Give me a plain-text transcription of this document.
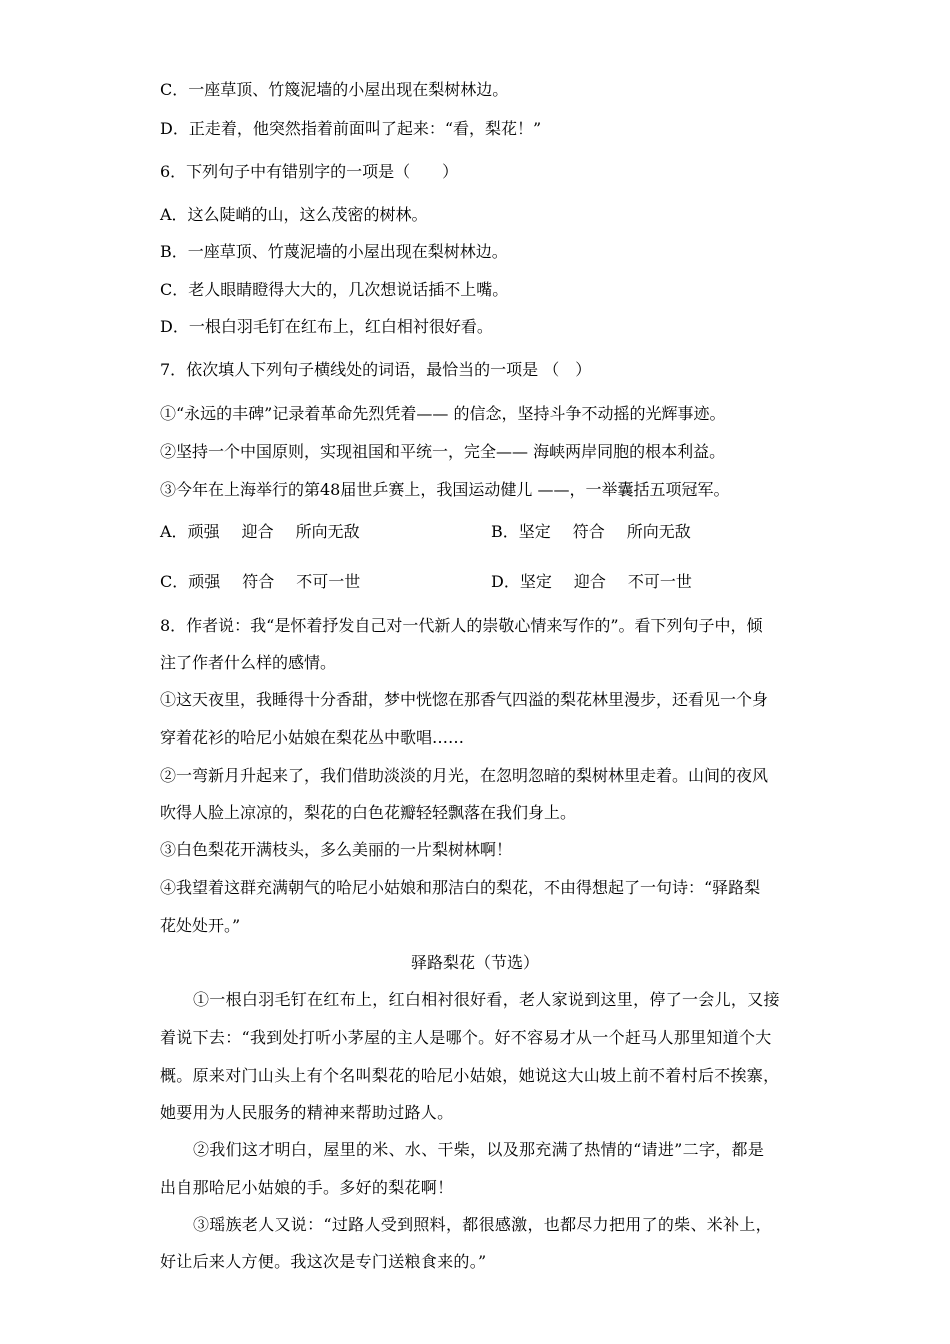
C．一座草顶、竹篾泥墙的小屋出现在梨树林边。
D．正走着，他突然指着前面叫了起来：“看，梨花！”
6．下列句子中有错别字的一项是（　　）
A．这么陡峭的山，这么茂密的树林。
B．一座草顶、竹蔑泥墙的小屋出现在梨树林边。
C．老人眼睛瞪得大大的，几次想说话插不上嘴。
D．一根白羽毛钉在红布上，红白相衬很好看。
7．依次填人下列句子横线处的词语，最恰当的一项是 （　）
①“永远的丰碑”记录着革命先烈凭着—— 的信念，坚持斗争不动摇的光辉事迹。
②坚持一个中国原则，实现祖国和平统一，完全—— 海峡两岸同胞的根本利益。
③今年在上海举行的第48届世乒赛上，我国运动健儿 ——，一举囊括五项冠军。
A．顽强 迎合 所向无敌	B．坚定 符合 所向无敌
C．顽强 符合 不可一世	D．坚定 迎合 不可一世
8．作者说：我“是怀着抒发自己对一代新人的崇敬心情来写作的”。看下列句子中，倾
注了作者什么样的感情。
①这天夜里，我睡得十分香甜，梦中恍惚在那香气四溢的梨花林里漫步，还看见一个身
穿着花衫的哈尼小姑娘在梨花丛中歌唱……
②一弯新月升起来了，我们借助淡淡的月光，在忽明忽暗的梨树林里走着。山间的夜风
吹得人脸上凉凉的，梨花的白色花瓣轻轻飘落在我们身上。
③白色梨花开满枝头，多么美丽的一片梨树林啊！
④我望着这群充满朝气的哈尼小姑娘和那洁白的梨花，不由得想起了一句诗：“驿路梨
花处处开。”
驿路梨花（节选）
①一根白羽毛钉在红布上，红白相衬很好看，老人家说到这里，停了一会儿，又接
着说下去：“我到处打听小茅屋的主人是哪个。好不容易才从一个赶马人那里知道个大
概。原来对门山头上有个名叫梨花的哈尼小姑娘，她说这大山坡上前不着村后不挨寨，
她要用为人民服务的精神来帮助过路人。
②我们这才明白，屋里的米、水、干柴，以及那充满了热情的“请进”二字，都是
出自那哈尼小姑娘的手。多好的梨花啊！
③瑶族老人又说：“过路人受到照料，都很感激，也都尽力把用了的柴、米补上，
好让后来人方便。我这次是专门送粮食来的。”
